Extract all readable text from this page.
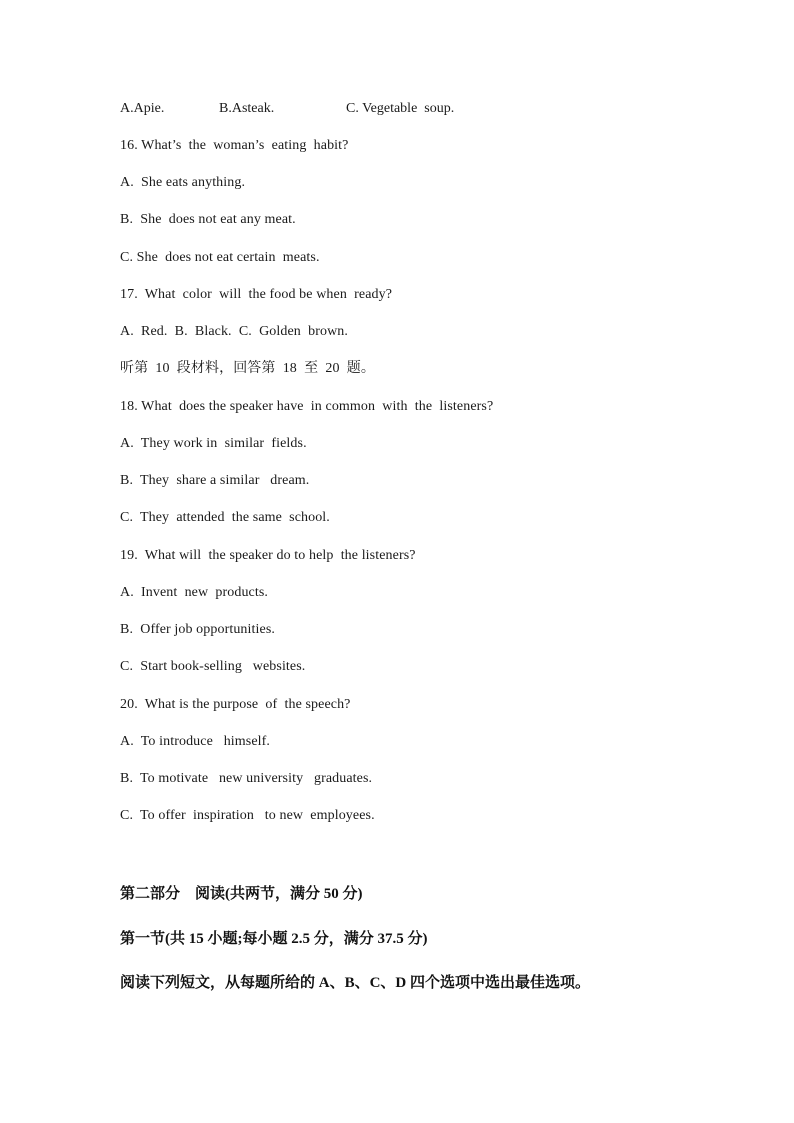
A.Apie.	B.Asteak.	C. Vegetable  soup.
16. What’s  the  woman’s  eating  habit?
A.  She eats anything.
B.  She  does not eat any meat.
C. She  does not eat certain  meats.
17.  What  color  will  the food be when  ready?
A.  Red.  B.  Black.  C.  Golden  brown.
听第  10  段材料，回答第  18  至  20  题。
18. What  does the speaker have  in common  with  the  listeners?
A.  They work in  similar  fields.
B.  They  share a similar   dream.
C.  They  attended  the same  school.
19.  What will  the speaker do to help  the listeners?
A.  Invent  new  products.
B.  Offer job opportunities.
C.  Start book-selling   websites.
20.  What is the purpose  of  the speech?
A.  To introduce   himself.
B.  To motivate   new university   graduates.
C.  To offer  inspiration   to new  employees.
第二部分    阅读(共两节，满分 50 分)
第一节(共 15 小题;每小题 2.5 分，满分 37.5 分)
阅读下列短文，从每题所给的 A、B、C、D 四个选项中选出最佳选项。
